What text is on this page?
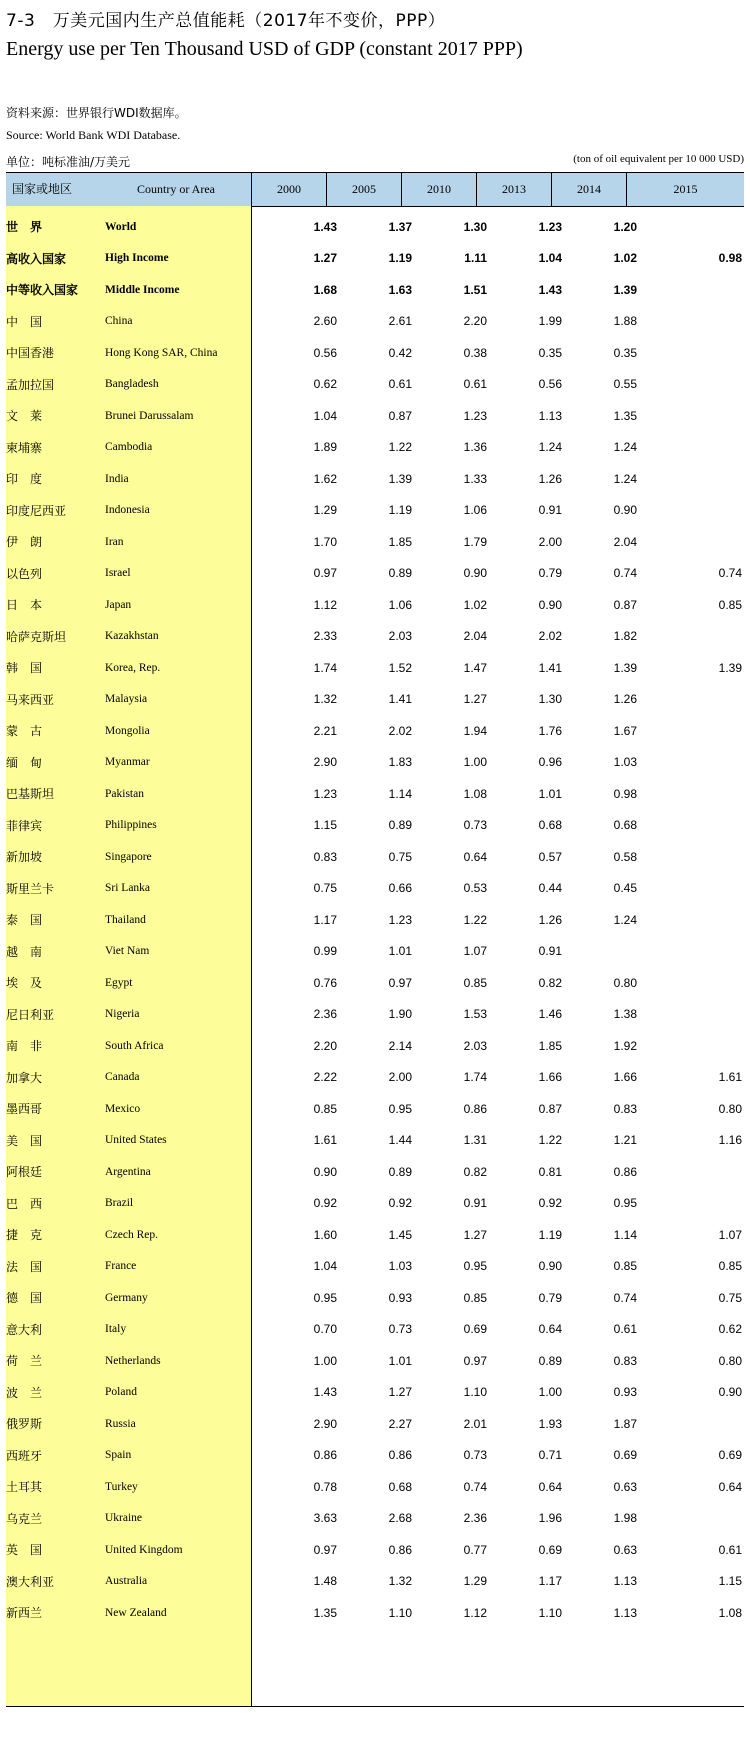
7-3　万美元国内生产总值能耗（2017年不变价，PPP）
Energy use per Ten Thousand USD of GDP (constant 2017 PPP)
资料来源：世界银行WDI数据库。
Source: World Bank WDI Database.
单位：吨标准油/万美元	(ton of oil equivalent per 10 000 USD)
国家或地区	Country or Area	2000	2005	2010	2013	2014	2015
世　界	World	1.43	1.37	1.30	1.23	1.20
高收入国家	High Income	1.27	1.19	1.11	1.04	1.02	0.98
中等收入国家	Middle Income	1.68	1.63	1.51	1.43	1.39
中　国	China	2.60	2.61	2.20	1.99	1.88
中国香港	Hong Kong SAR, China	0.56	0.42	0.38	0.35	0.35
孟加拉国	Bangladesh	0.62	0.61	0.61	0.56	0.55
文　莱	Brunei Darussalam	1.04	0.87	1.23	1.13	1.35
柬埔寨	Cambodia	1.89	1.22	1.36	1.24	1.24
印　度	India	1.62	1.39	1.33	1.26	1.24
印度尼西亚	Indonesia	1.29	1.19	1.06	0.91	0.90
伊　朗	Iran	1.70	1.85	1.79	2.00	2.04
以色列	Israel	0.97	0.89	0.90	0.79	0.74	0.74
日　本	Japan	1.12	1.06	1.02	0.90	0.87	0.85
哈萨克斯坦	Kazakhstan	2.33	2.03	2.04	2.02	1.82
韩　国	Korea, Rep.	1.74	1.52	1.47	1.41	1.39	1.39
马来西亚	Malaysia	1.32	1.41	1.27	1.30	1.26
蒙　古	Mongolia	2.21	2.02	1.94	1.76	1.67
缅　甸	Myanmar	2.90	1.83	1.00	0.96	1.03
巴基斯坦	Pakistan	1.23	1.14	1.08	1.01	0.98
菲律宾	Philippines	1.15	0.89	0.73	0.68	0.68
新加坡	Singapore	0.83	0.75	0.64	0.57	0.58
斯里兰卡	Sri Lanka	0.75	0.66	0.53	0.44	0.45
泰　国	Thailand	1.17	1.23	1.22	1.26	1.24
越　南	Viet Nam	0.99	1.01	1.07	0.91
埃　及	Egypt	0.76	0.97	0.85	0.82	0.80
尼日利亚	Nigeria	2.36	1.90	1.53	1.46	1.38
南　非	South Africa	2.20	2.14	2.03	1.85	1.92
加拿大	Canada	2.22	2.00	1.74	1.66	1.66	1.61
墨西哥	Mexico	0.85	0.95	0.86	0.87	0.83	0.80
美　国	United States	1.61	1.44	1.31	1.22	1.21	1.16
阿根廷	Argentina	0.90	0.89	0.82	0.81	0.86
巴　西	Brazil	0.92	0.92	0.91	0.92	0.95
捷　克	Czech Rep.	1.60	1.45	1.27	1.19	1.14	1.07
法　国	France	1.04	1.03	0.95	0.90	0.85	0.85
德　国	Germany	0.95	0.93	0.85	0.79	0.74	0.75
意大利	Italy	0.70	0.73	0.69	0.64	0.61	0.62
荷　兰	Netherlands	1.00	1.01	0.97	0.89	0.83	0.80
波　兰	Poland	1.43	1.27	1.10	1.00	0.93	0.90
俄罗斯	Russia	2.90	2.27	2.01	1.93	1.87
西班牙	Spain	0.86	0.86	0.73	0.71	0.69	0.69
土耳其	Turkey	0.78	0.68	0.74	0.64	0.63	0.64
乌克兰	Ukraine	3.63	2.68	2.36	1.96	1.98
英　国	United Kingdom	0.97	0.86	0.77	0.69	0.63	0.61
澳大利亚	Australia	1.48	1.32	1.29	1.17	1.13	1.15
新西兰	New Zealand	1.35	1.10	1.12	1.10	1.13	1.08
